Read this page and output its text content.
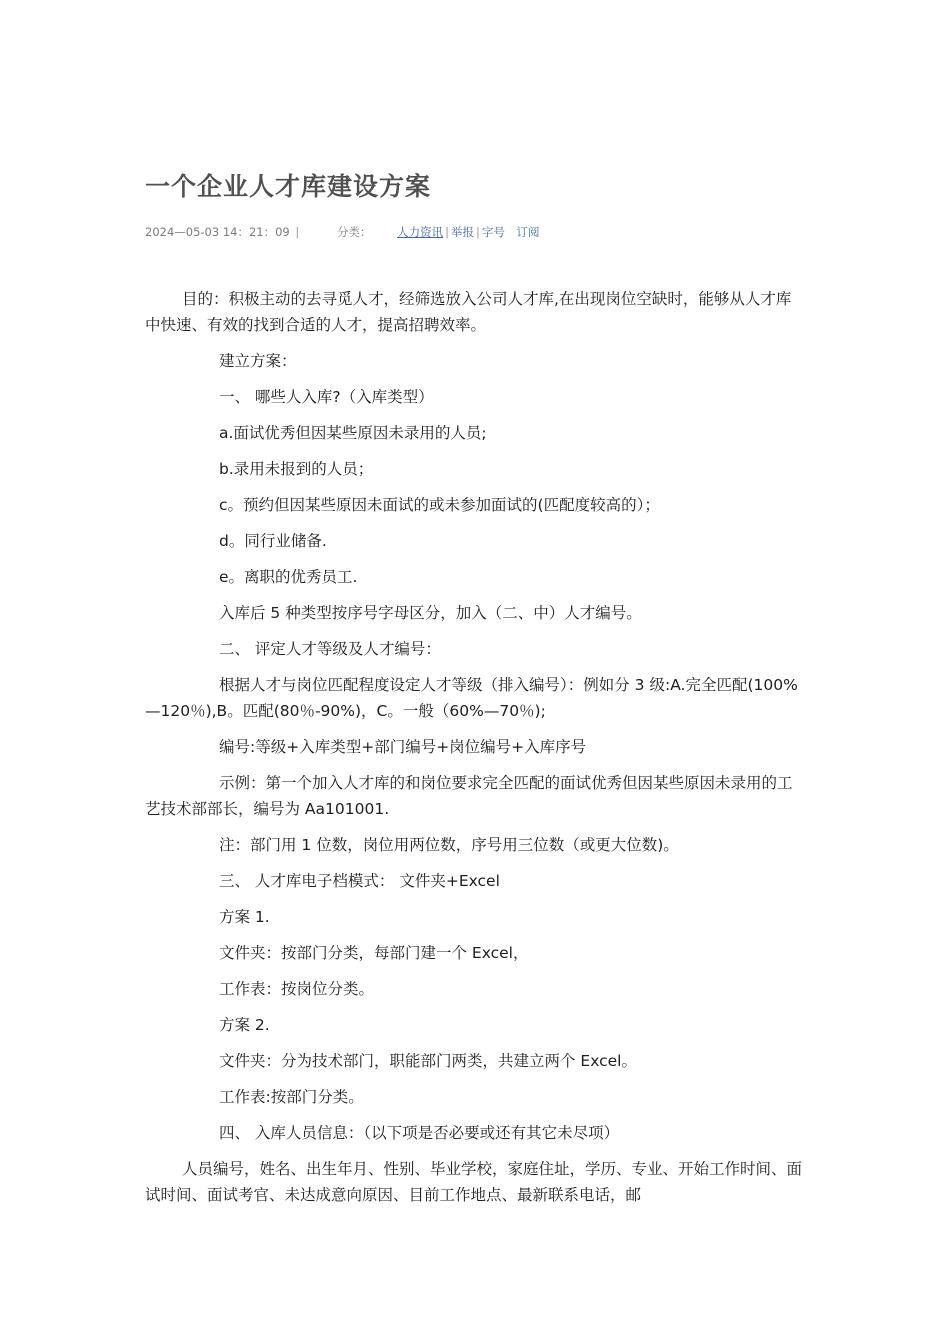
一个企业人才库建设方案
2024—05-03 14：21：09 |	分类： 人力资讯 | 举报 | 字号 订阅

目的：积极主动的去寻觅人才，经筛选放入公司人才库,在出现岗位空缺时，能够从人才库中快速、有效的找到合适的人才，提高招聘效率。

建立方案：

一、 哪些人入库?（入库类型）

a.面试优秀但因某些原因未录用的人员;

b.录用未报到的人员；

c。预约但因某些原因未面试的或未参加面试的(匹配度较高的）；

d。同行业储备.

e。离职的优秀员工.

入库后 5 种类型按序号字母区分，加入（二、中）人才编号。

二、 评定人才等级及人才编号：

根据人才与岗位匹配程度设定人才等级（排入编号）：例如分 3 级:A.完全匹配(100%—120％),B。匹配(80％-90%)，C。一般（60%—70％);

编号:等级+入库类型+部门编号+岗位编号+入库序号

示例：第一个加入人才库的和岗位要求完全匹配的面试优秀但因某些原因未录用的工艺技术部部长，编号为 Aa101001.

注：部门用 1 位数，岗位用两位数，序号用三位数（或更大位数)。

三、 人才库电子档模式： 文件夹+Excel

方案 1.

文件夹：按部门分类，每部门建一个 Excel，

工作表：按岗位分类。

方案 2.

文件夹：分为技术部门，职能部门两类，共建立两个 Excel。

工作表:按部门分类。

四、 入库人员信息：（以下项是否必要或还有其它未尽项）

人员编号，姓名、出生年月、性别、毕业学校，家庭住址，学历、专业、开始工作时间、面试时间、面试考官、未达成意向原因、目前工作地点、最新联系电话，邮
